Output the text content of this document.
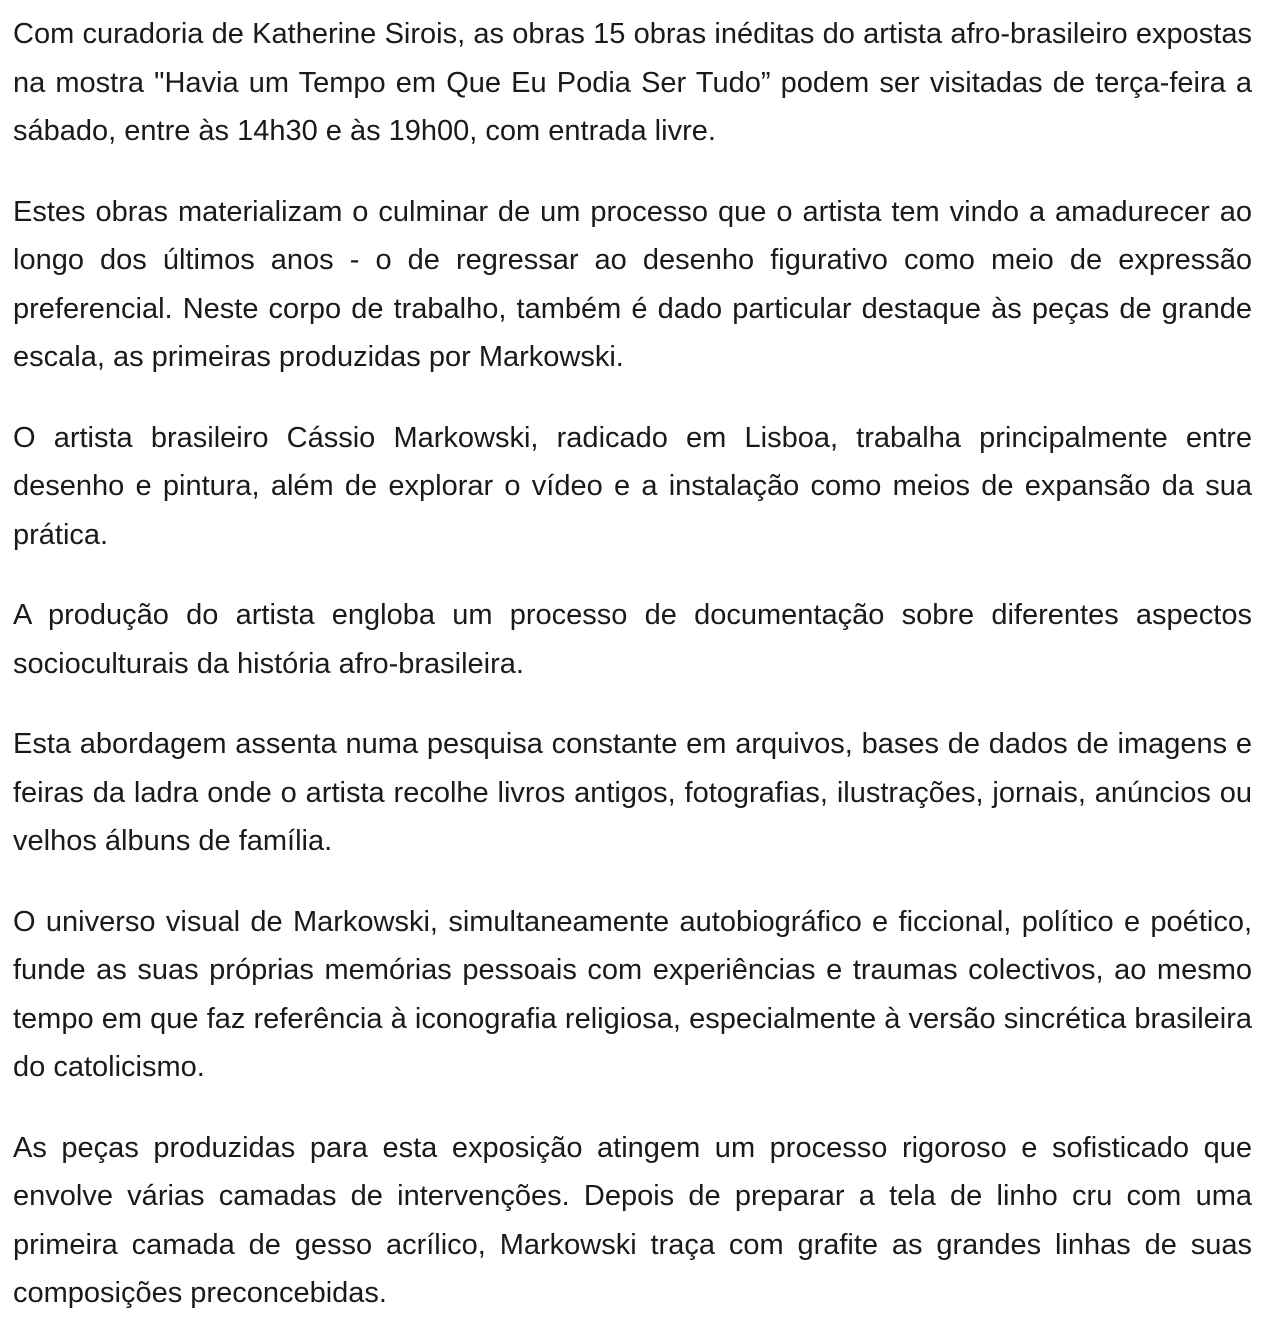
Com curadoria de Katherine Sirois, as obras 15 obras inéditas do artista afro-brasileiro expostas na mostra "Havia um Tempo em Que Eu Podia Ser Tudo” podem ser visitadas de terça-feira a sábado, entre às 14h30 e às 19h00, com entrada livre.

Estes obras materializam o culminar de um processo que o artista tem vindo a amadurecer ao longo dos últimos anos - o de regressar ao desenho figurativo como meio de expressão preferencial. Neste corpo de trabalho, também é dado particular destaque às peças de grande escala, as primeiras produzidas por Markowski.

O artista brasileiro Cássio Markowski, radicado em Lisboa, trabalha principalmente entre desenho e pintura, além de explorar o vídeo e a instalação como meios de expansão da sua prática.

A produção do artista engloba um processo de documentação sobre diferentes aspectos socioculturais da história afro-brasileira.

Esta abordagem assenta numa pesquisa constante em arquivos, bases de dados de imagens e feiras da ladra onde o artista recolhe livros antigos, fotografias, ilustrações, jornais, anúncios ou velhos álbuns de família.

O universo visual de Markowski, simultaneamente autobiográfico e ficcional, político e poético, funde as suas próprias memórias pessoais com experiências e traumas colectivos, ao mesmo tempo em que faz referência à iconografia religiosa, especialmente à versão sincrética brasileira do catolicismo.

As peças produzidas para esta exposição atingem um processo rigoroso e sofisticado que envolve várias camadas de intervenções. Depois de preparar a tela de linho cru com uma primeira camada de gesso acrílico, Markowski traça com grafite as grandes linhas de suas composições preconcebidas.
